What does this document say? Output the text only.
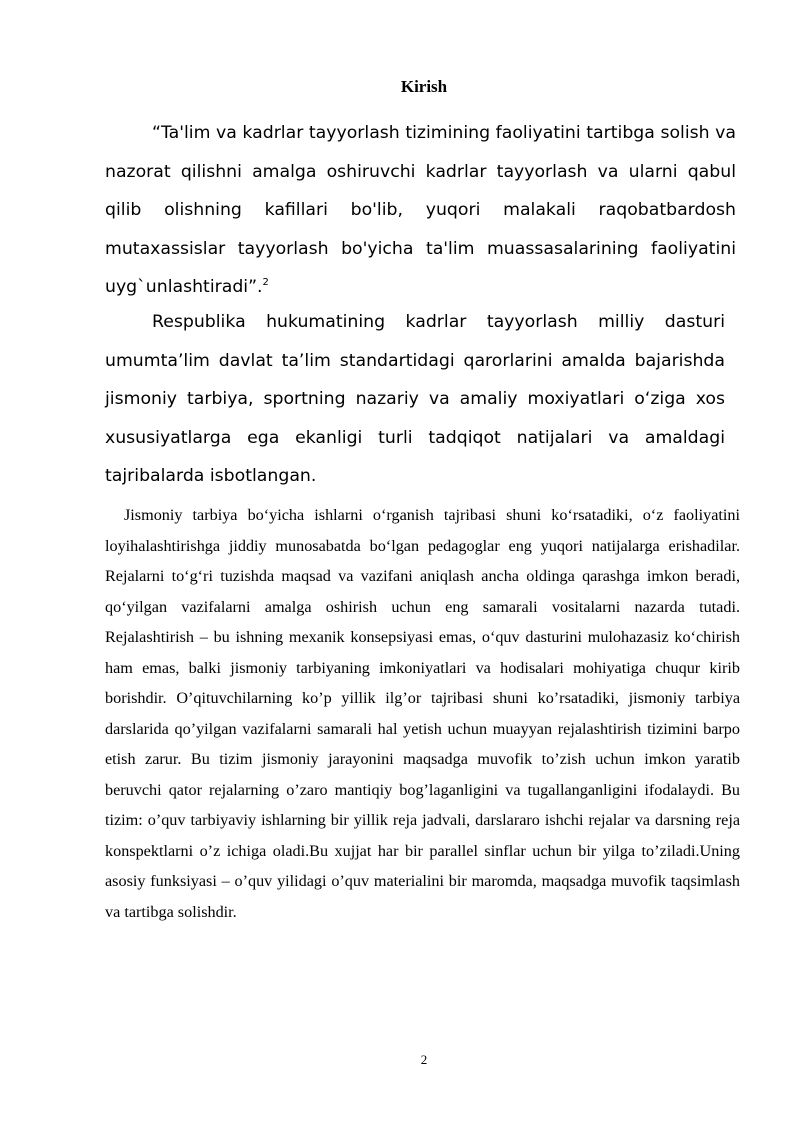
Kirish

“Ta'lim va kadrlar tayyorlash tizimining faoliyatini tartibga solish va nazorat qilishni amalga oshiruvchi kadrlar tayyorlash va ularni qabul qilib olishning kafillari bo'lib, yuqori malakali raqobatbardosh mutaxassislar tayyorlash bo'yicha ta'lim muassasalarining faoliyatini uyg`unlashtiradi”.$^2$

Respublika hukumatining kadrlar tayyorlash milliy dasturi umumta’lim davlat ta’lim standartidagi qarorlarini amalda bajarishda jismoniy tarbiya, sportning nazariy va amaliy moxiyatlari o‘ziga xos xususiyatlarga ega ekanligi turli tadqiqot natijalari va amaldagi tajribalarda isbotlangan.

Jismoniy tarbiya bo‘yicha ishlarni o‘rganish tajribasi shuni ko‘rsatadiki, o‘z faoliyatini loyihalashtirishga jiddiy munosabatda bo‘lgan pedagoglar eng yuqori natijalarga erishadilar. Rejalarni to‘g‘ri tuzishda maqsad va vazifani aniqlash ancha oldinga qarashga imkon beradi, qo‘yilgan vazifalarni amalga oshirish uchun eng samarali vositalarni nazarda tutadi. Rejalashtirish – bu ishning mexanik konsepsiyasi emas, o‘quv dasturini mulohazasiz ko‘chirish ham emas, balki jismoniy tarbiyaning imkoniyatlari va hodisalari mohiyatiga chuqur kirib borishdir. O’qituvchilarning ko’p yillik ilg’or tajribasi shuni ko’rsatadiki, jismoniy tarbiya darslarida qo’yilgan vazifalarni samarali hal yetish uchun muayyan rejalashtirish tizimini barpo etish zarur. Bu tizim jismoniy jarayonini maqsadga muvofik to’zish uchun imkon yaratib beruvchi qator rejalarning o’zaro mantiqiy bog’laganligini va tugallanganligini ifodalaydi. Bu tizim: o’quv tarbiyaviy ishlarning bir yillik reja jadvali, darslararo ishchi rejalar va darsning reja konspektlarni o’z ichiga oladi.Bu xujjat har bir parallel sinflar uchun bir yilga to’ziladi.Uning asosiy funksiyasi – o’quv yilidagi o’quv materialini bir maromda, maqsadga muvofik taqsimlash va tartibga solishdir.

2
